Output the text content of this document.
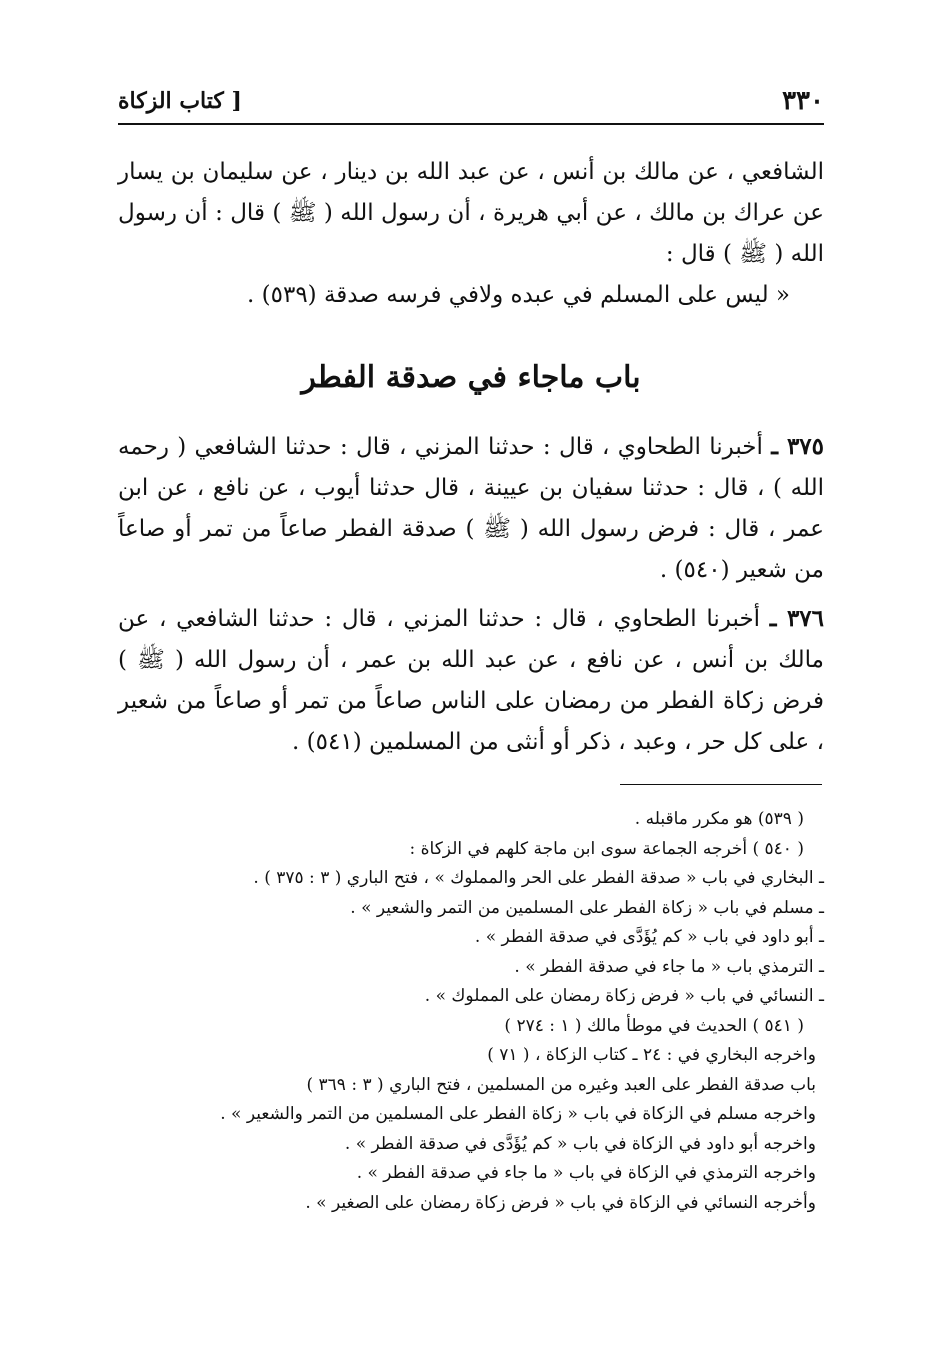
٣٣٠
[ كتاب الزكاة

الشافعي ، عن مالك بن أنس ، عن عبد الله بن دينار ، عن سليمان بن يسار عن عراك بن مالك ، عن أبي هريرة ، أن رسول الله ( ﷺ ) قال : أن رسول الله ( ﷺ ) قال :

« ليس على المسلم في عبده ولافي فرسه صدقة (٥٣٩) .

باب ماجاء في صدقة الفطر

٣٧٥ ـ أخبرنا الطحاوي ، قال : حدثنا المزني ، قال : حدثنا الشافعي ( رحمه الله ) ، قال : حدثنا سفيان بن عيينة ، قال حدثنا أيوب ، عن نافع ، عن ابن عمر ، قال : فرض رسول الله ( ﷺ ) صدقة الفطر صاعاً من تمر أو صاعاً من شعير (٥٤٠) .

٣٧٦ ـ أخبرنا الطحاوي ، قال : حدثنا المزني ، قال : حدثنا الشافعي ، عن مالك بن أنس ، عن نافع ، عن عبد الله بن عمر ، أن رسول الله ( ﷺ ) فرض زكاة الفطر من رمضان على الناس صاعاً من تمر أو صاعاً من شعير ، على كل حر ، وعبد ، ذكر أو أنثى من المسلمين (٥٤١) .

( ٥٣٩) هو مكرر ماقبله .
( ٥٤٠ ) أخرجه الجماعة سوى ابن ماجة كلهم في الزكاة :
ـ البخاري في باب « صدقة الفطر على الحر والمملوك » ، فتح الباري ( ٣ : ٣٧٥ ) .
ـ مسلم في باب « زكاة الفطر على المسلمين من التمر والشعير » .
ـ أبو داود في باب « كم يُؤَدَّى في صدقة الفطر » .
ـ الترمذي باب « ما جاء في صدقة الفطر » .
ـ النسائي في باب « فرض زكاة رمضان على المملوك » .
( ٥٤١ ) الحديث في موطأ مالك ( ١ : ٢٧٤ )
واخرجه البخاري في : ٢٤ ـ كتاب الزكاة ، ( ٧١ )
باب صدقة الفطر على العبد وغيره من المسلمين ، فتح الباري ( ٣ : ٣٦٩ )
واخرجه مسلم في الزكاة في باب « زكاة الفطر على المسلمين من التمر والشعير » .
واخرجه أبو داود في الزكاة في باب « كم يُؤَدَّى في صدقة الفطر » .
واخرجه الترمذي في الزكاة في باب « ما جاء في صدقة الفطر » .
وأخرجه النسائي في الزكاة في باب « فرض زكاة رمضان على الصغير » .
